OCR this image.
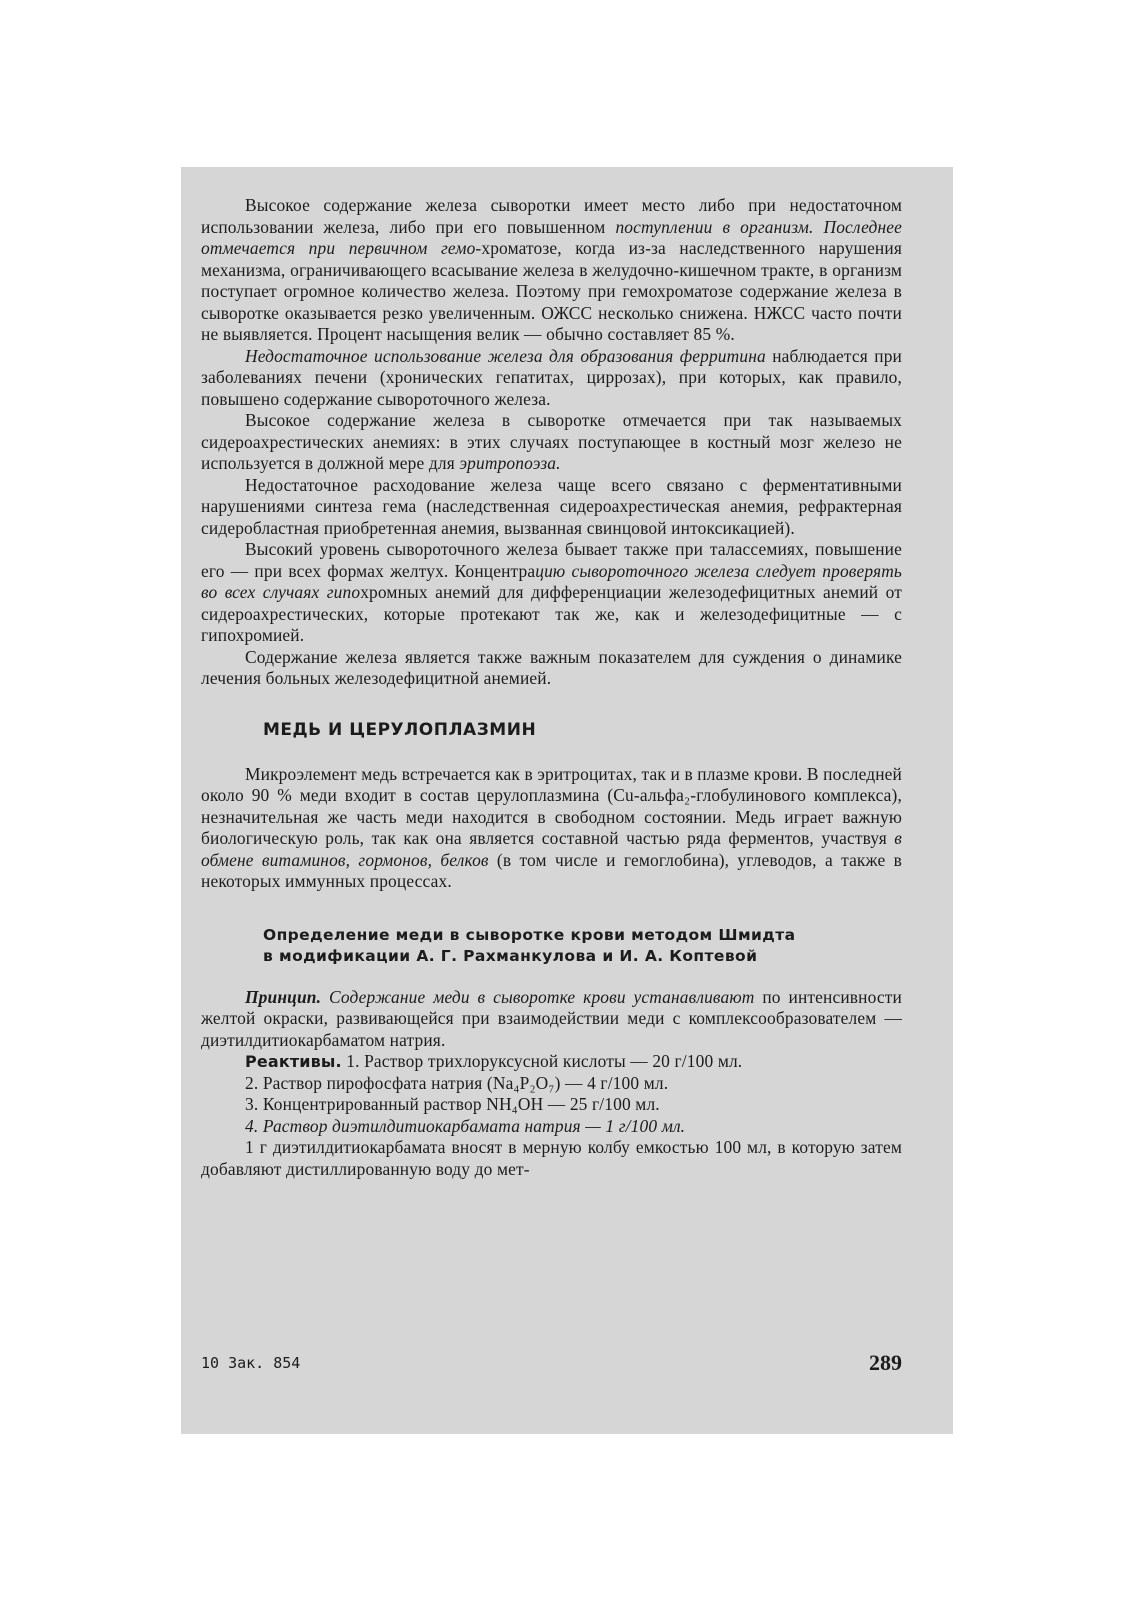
Высокое содержание железа сыворотки имеет место либо при недостаточном использовании железа, либо при его повышенном поступлении в организм. Последнее отмечается при первичном гемо-хроматозе, когда из-за наследственного нарушения механизма, ограничивающего всасывание железа в желудочно-кишечном тракте, в организм поступает огромное количество железа. Поэтому при гемохроматозе содержание железа в сыворотке оказывается резко увеличенным. ОЖСС несколько снижена. НЖСС часто почти не выявляется. Процент насыщения велик — обычно составляет 85 %.

Недостаточное использование железа для образования ферритина наблюдается при заболеваниях печени (хронических гепатитах, циррозах), при которых, как правило, повышено содержание сывороточного железа.

Высокое содержание железа в сыворотке отмечается при так называемых сидероахрестических анемиях: в этих случаях поступающее в костный мозг железо не используется в должной мере для эритропоэза.

Недостаточное расходование железа чаще всего связано с ферментативными нарушениями синтеза гема (наследственная сидероахрестическая анемия, рефрактерная сидеробластная приобретенная анемия, вызванная свинцовой интоксикацией).

Высокий уровень сывороточного железа бывает также при талассемиях, повышение его — при всех формах желтух. Концентрацию сывороточного железа следует проверять во всех случаях гипохромных анемий для дифференциации железодефицитных анемий от сидероахрестических, которые протекают так же, как и железодефицитные — с гипохромией.

Содержание железа является также важным показателем для суждения о динамике лечения больных железодефицитной анемией.

МЕДЬ И ЦЕРУЛОПЛАЗМИН

Микроэлемент медь встречается как в эритроцитах, так и в плазме крови. В последней около 90 % меди входит в состав церулоплазмина (Cu-альфа₂-глобулинового комплекса), незначительная же часть меди находится в свободном состоянии. Медь играет важную биологическую роль, так как она является составной частью ряда ферментов, участвуя в обмене витаминов, гормонов, белков (в том числе и гемоглобина), углеводов, а также в некоторых иммунных процессах.

Определение меди в сыворотке крови методом Шмидта
в модификации А. Г. Рахманкулова и И. А. Коптевой

Принцип. Содержание меди в сыворотке крови устанавливают по интенсивности желтой окраски, развивающейся при взаимодействии меди с комплексообразователем — диэтилдитиокарбаматом натрия.

Реактивы. 1. Раствор трихлоруксусной кислоты — 20 г/100 мл.

2. Раствор пирофосфата натрия (Na₄P₂O₇) — 4 г/100 мл.

3. Концентрированный раствор NH₄OH — 25 г/100 мл.

4. Раствор диэтилдитиокарбамата натрия — 1 г/100 мл.

1 г диэтилдитиокарбамата вносят в мерную колбу емкостью 100 мл, в которую затем добавляют дистиллированную воду до мет-

10 Зак. 854	289
